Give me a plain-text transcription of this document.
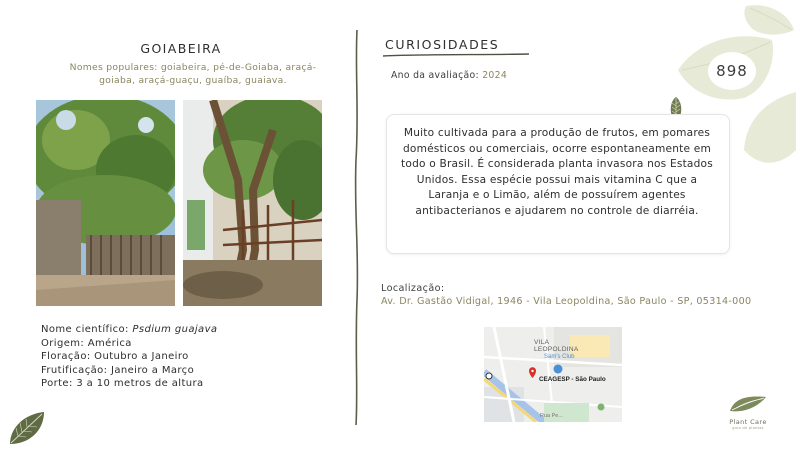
898
GOIABEIRA
Nomes populares: goiabeira, pé-de-Goiaba, araçá-goiaba, araçá-guaçu, guaíba, guaiava.
Nome científico: Psdium guajava
Origem: América
Floração: Outubro a Janeiro
Frutificação: Janeiro a Março
Porte: 3 a 10 metros de altura
CURIOSIDADES
Ano da avaliação: 2024
Muito cultivada para a produção de frutos, em pomares domésticos ou comerciais, ocorre espontaneamente em todo o Brasil. É considerada planta invasora nos Estados Unidos. Essa espécie possui mais vitamina C que a Laranja e o Limão, além de possuírem agentes antibacterianos e ajudarem no controle de diarréia.
Localização:
Av. Dr. Gastão Vidigal, 1946 - Vila Leopoldina, São Paulo - SP, 05314-000
VILA
LEOPOLDINA
Sam's Club
CEAGESP - São Paulo
Rua Pe...
Plant Care
guia de plantas
